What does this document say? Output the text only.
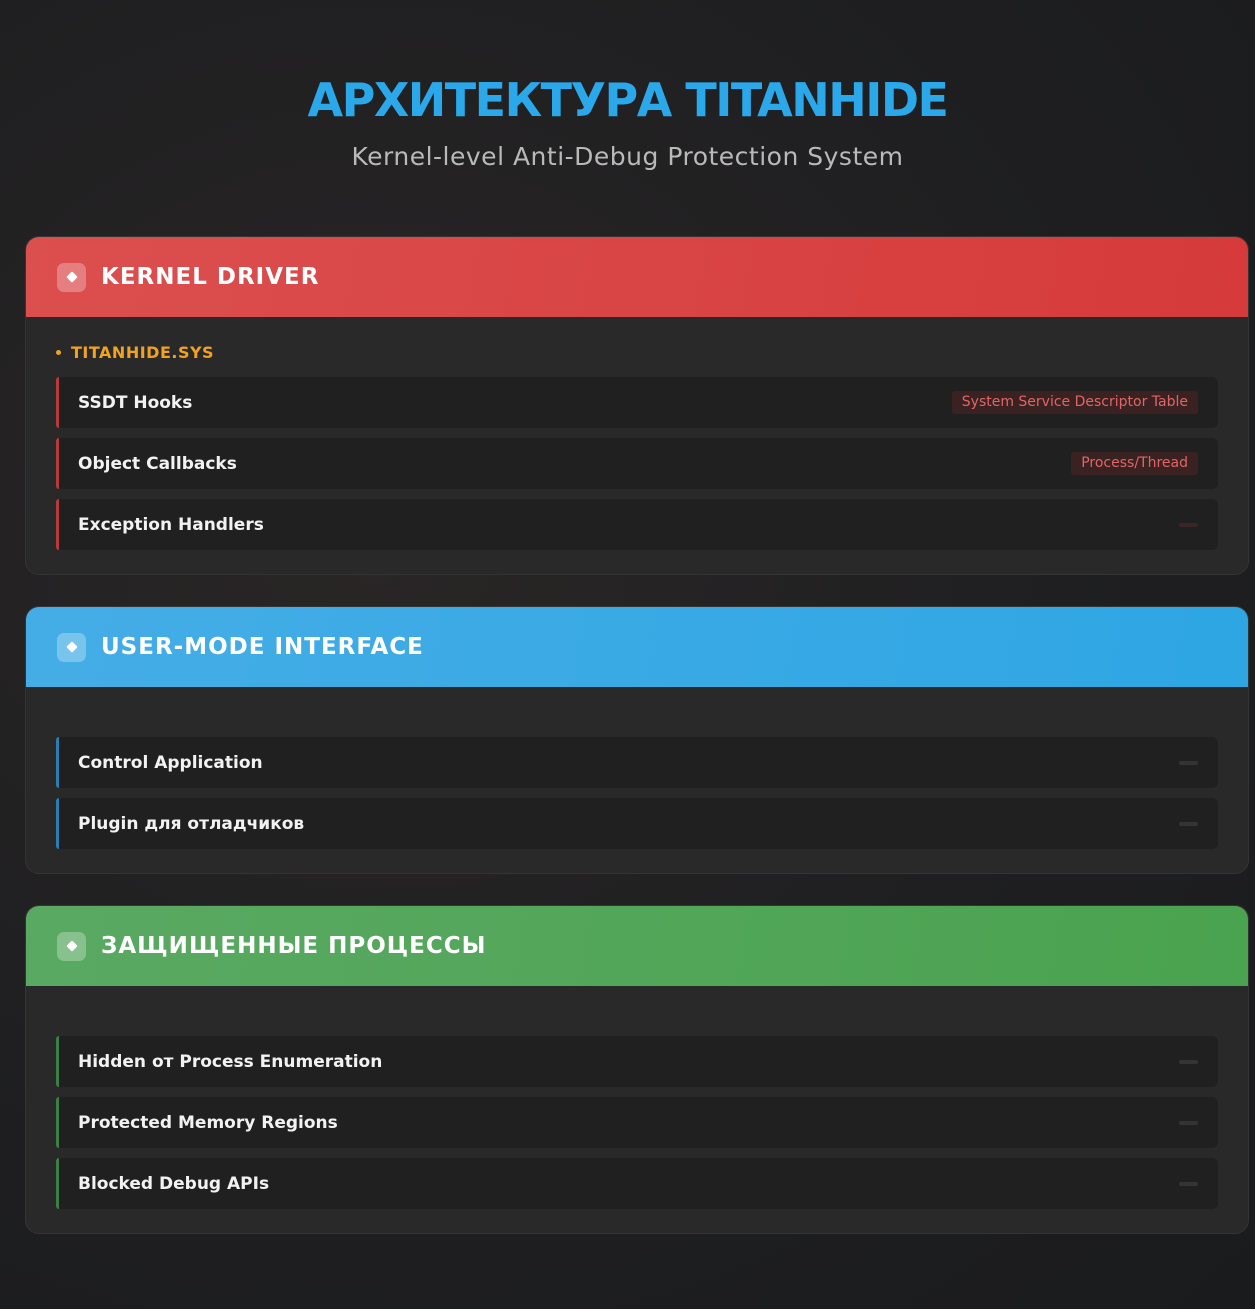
АРХИТЕКТУРА TITANHIDE
Kernel-level Anti-Debug Protection System
KERNEL DRIVER
TITANHIDE.SYS
SSDT Hooks	System Service Descriptor Table
Object Callbacks	Process/Thread
Exception Handlers
USER-MODE INTERFACE
Control Application
Plugin для отладчиков
ЗАЩИЩЕННЫЕ ПРОЦЕССЫ
Hidden от Process Enumeration
Protected Memory Regions
Blocked Debug APIs
